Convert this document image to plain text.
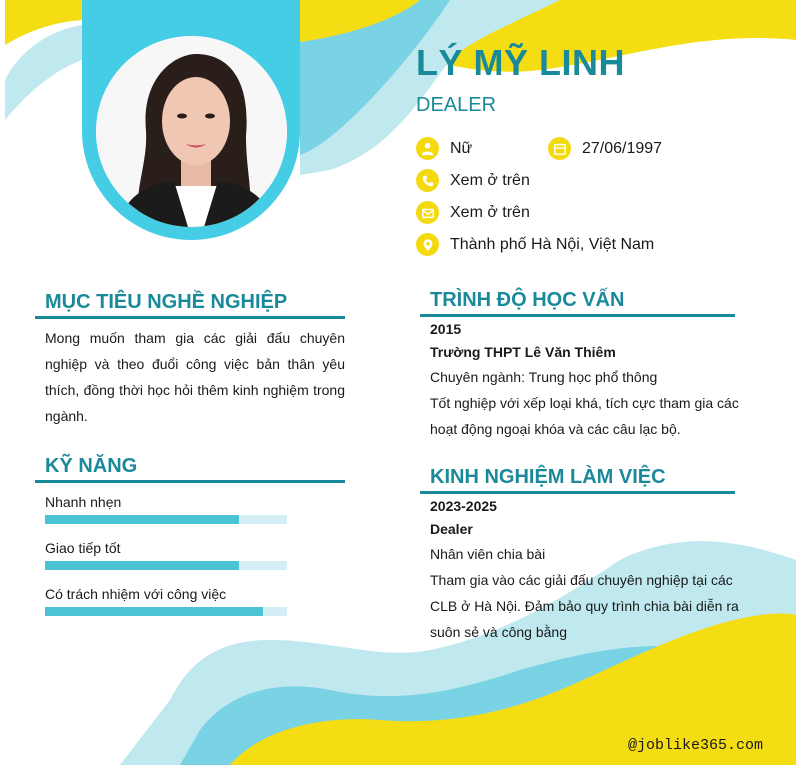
LÝ MỸ LINH
DEALER
Nữ	27/06/1997
Xem ở trên
Xem ở trên
Thành phố Hà Nội, Việt Nam
MỤC TIÊU NGHỀ NGHIỆP
Mong muốn tham gia các giải đấu chuyên nghiệp và theo đuổi công việc bản thân yêu thích, đồng thời học hỏi thêm kinh nghiệm trong ngành.
KỸ NĂNG
Nhanh nhẹn
Giao tiếp tốt
Có trách nhiệm với công việc
TRÌNH ĐỘ HỌC VẤN
2015
Trường THPT Lê Văn Thiêm
Chuyên ngành: Trung học phổ thông
Tốt nghiệp với xếp loại khá, tích cực tham gia các hoạt động ngoại khóa và các câu lạc bộ.
KINH NGHIỆM LÀM VIỆC
2023-2025
Dealer
Nhân viên chia bài
Tham gia vào các giải đấu chuyên nghiệp tại các CLB ở Hà Nội. Đảm bảo quy trình chia bài diễn ra suôn sẻ và công bằng
@joblike365.com
